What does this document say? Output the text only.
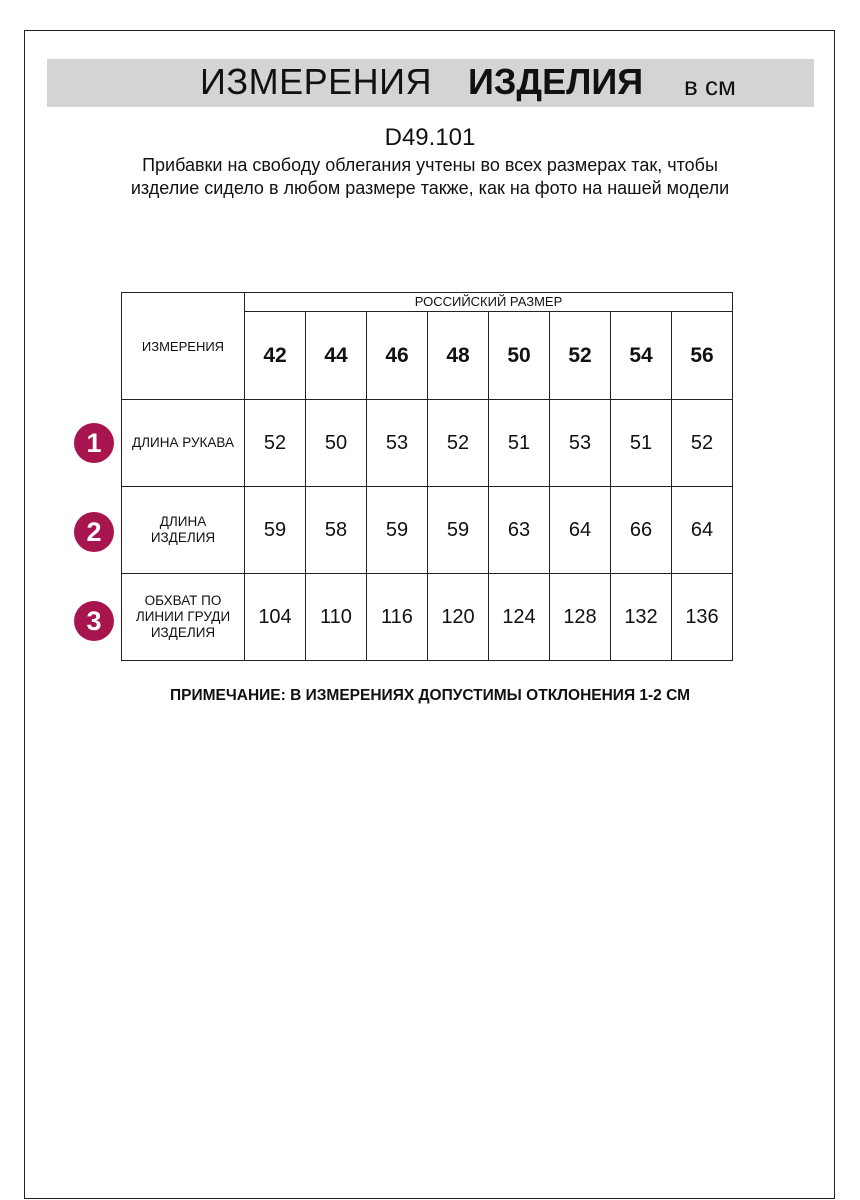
ИЗМЕРЕНИЯ ИЗДЕЛИЯ в см
D49.101
Прибавки на свободу облегания учтены во всех размерах так, чтобы изделие сидело в любом размере также, как на фото на нашей модели
ИЗМЕРЕНИЯ	РОССИЙСКИЙ РАЗМЕР							
	42	44	46	48	50	52	54	56
ДЛИНА РУКАВА	52	50	53	52	51	53	51	52
ДЛИНА ИЗДЕЛИЯ	59	58	59	59	63	64	66	64
ОБХВАТ ПО ЛИНИИ ГРУДИ ИЗДЕЛИЯ	104	110	116	120	124	128	132	136
1
2
3
ПРИМЕЧАНИЕ: В ИЗМЕРЕНИЯХ ДОПУСТИМЫ ОТКЛОНЕНИЯ 1-2 СМ
